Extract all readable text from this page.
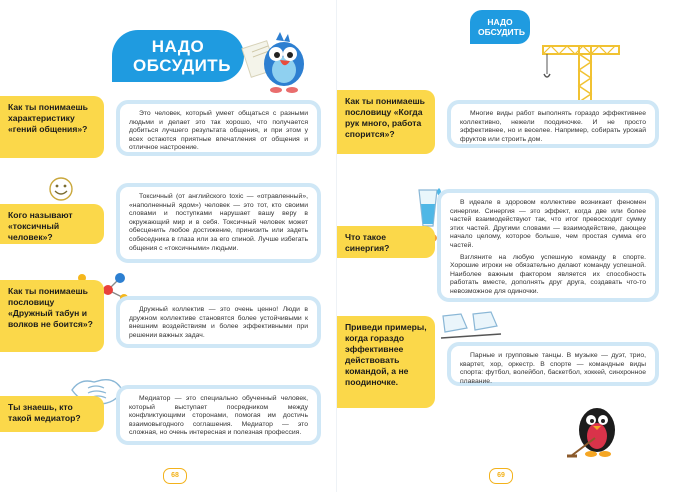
НАДО ОБСУДИТЬ
Как ты понимаешь характеристику «гений общения»?

Это человек, который умеет общаться с разными людьми и делает это так хорошо, что получается добиться лучшего результата общения, и при этом у всех остаются приятные впечатления от общения и отличное настроение.

Кого называют «токсичный человек»?

Токсичный (от английского toxic — «отравленный», «наполненный ядом») человек — это тот, кто своими словами и поступками нарушает вашу веру в окружающий мир и в себя. Токсичный человек может обесценить любое достижение, принизить или задеть собеседника в глаза или за его спиной. Лучше избегать общения с «токсичными» людьми.

Как ты понимаешь пословицу «Дружный табун и волков не боится»?

Дружный коллектив — это очень ценно! Люди в дружном коллективе становятся более устойчивыми к внешним воздействиям и более эффективными при решении важных задач.

Ты знаешь, кто такой медиатор?

Медиатор — это специально обученный человек, который выступает посредником между конфликтующими сторонами, помогая им достичь взаимовыгодного соглашения. Медиатор — это сложная, но очень интересная и полезная профессия.

68
НАДО ОБСУДИТЬ
Как ты понимаешь пословицу «Когда рук много, работа спорится»?

Многие виды работ выполнять гораздо эффективнее коллективно, нежели поодиночке. И не просто эффективнее, но и веселее. Например, собирать урожай фруктов или строить дом.

Что такое синергия?

В идеале в здоровом коллективе возникает феномен синергии. Синергия — это эффект, когда две или более частей взаимодействуют так, что итог превосходит сумму этих частей. Другими словами — взаимодействие, дающее начало целому, которое больше, чем простая сумма его частей.

Взгляните на любую успешную команду в спорте. Хорошие игроки не обязательно делают команду успешной. Наиболее важным фактором является их способность работать вместе, дополнять друг друга, создавать что-то невозможное для одиночки.

Приведи примеры, когда гораздо эффективнее действовать командой, а не поодиночке.

Парные и групповые танцы. В музыке — дуэт, трио, квартет, хор, оркестр. В спорте — командные виды спорта: футбол, волейбол, баскетбол, хоккей, синхронное плавание.

69
